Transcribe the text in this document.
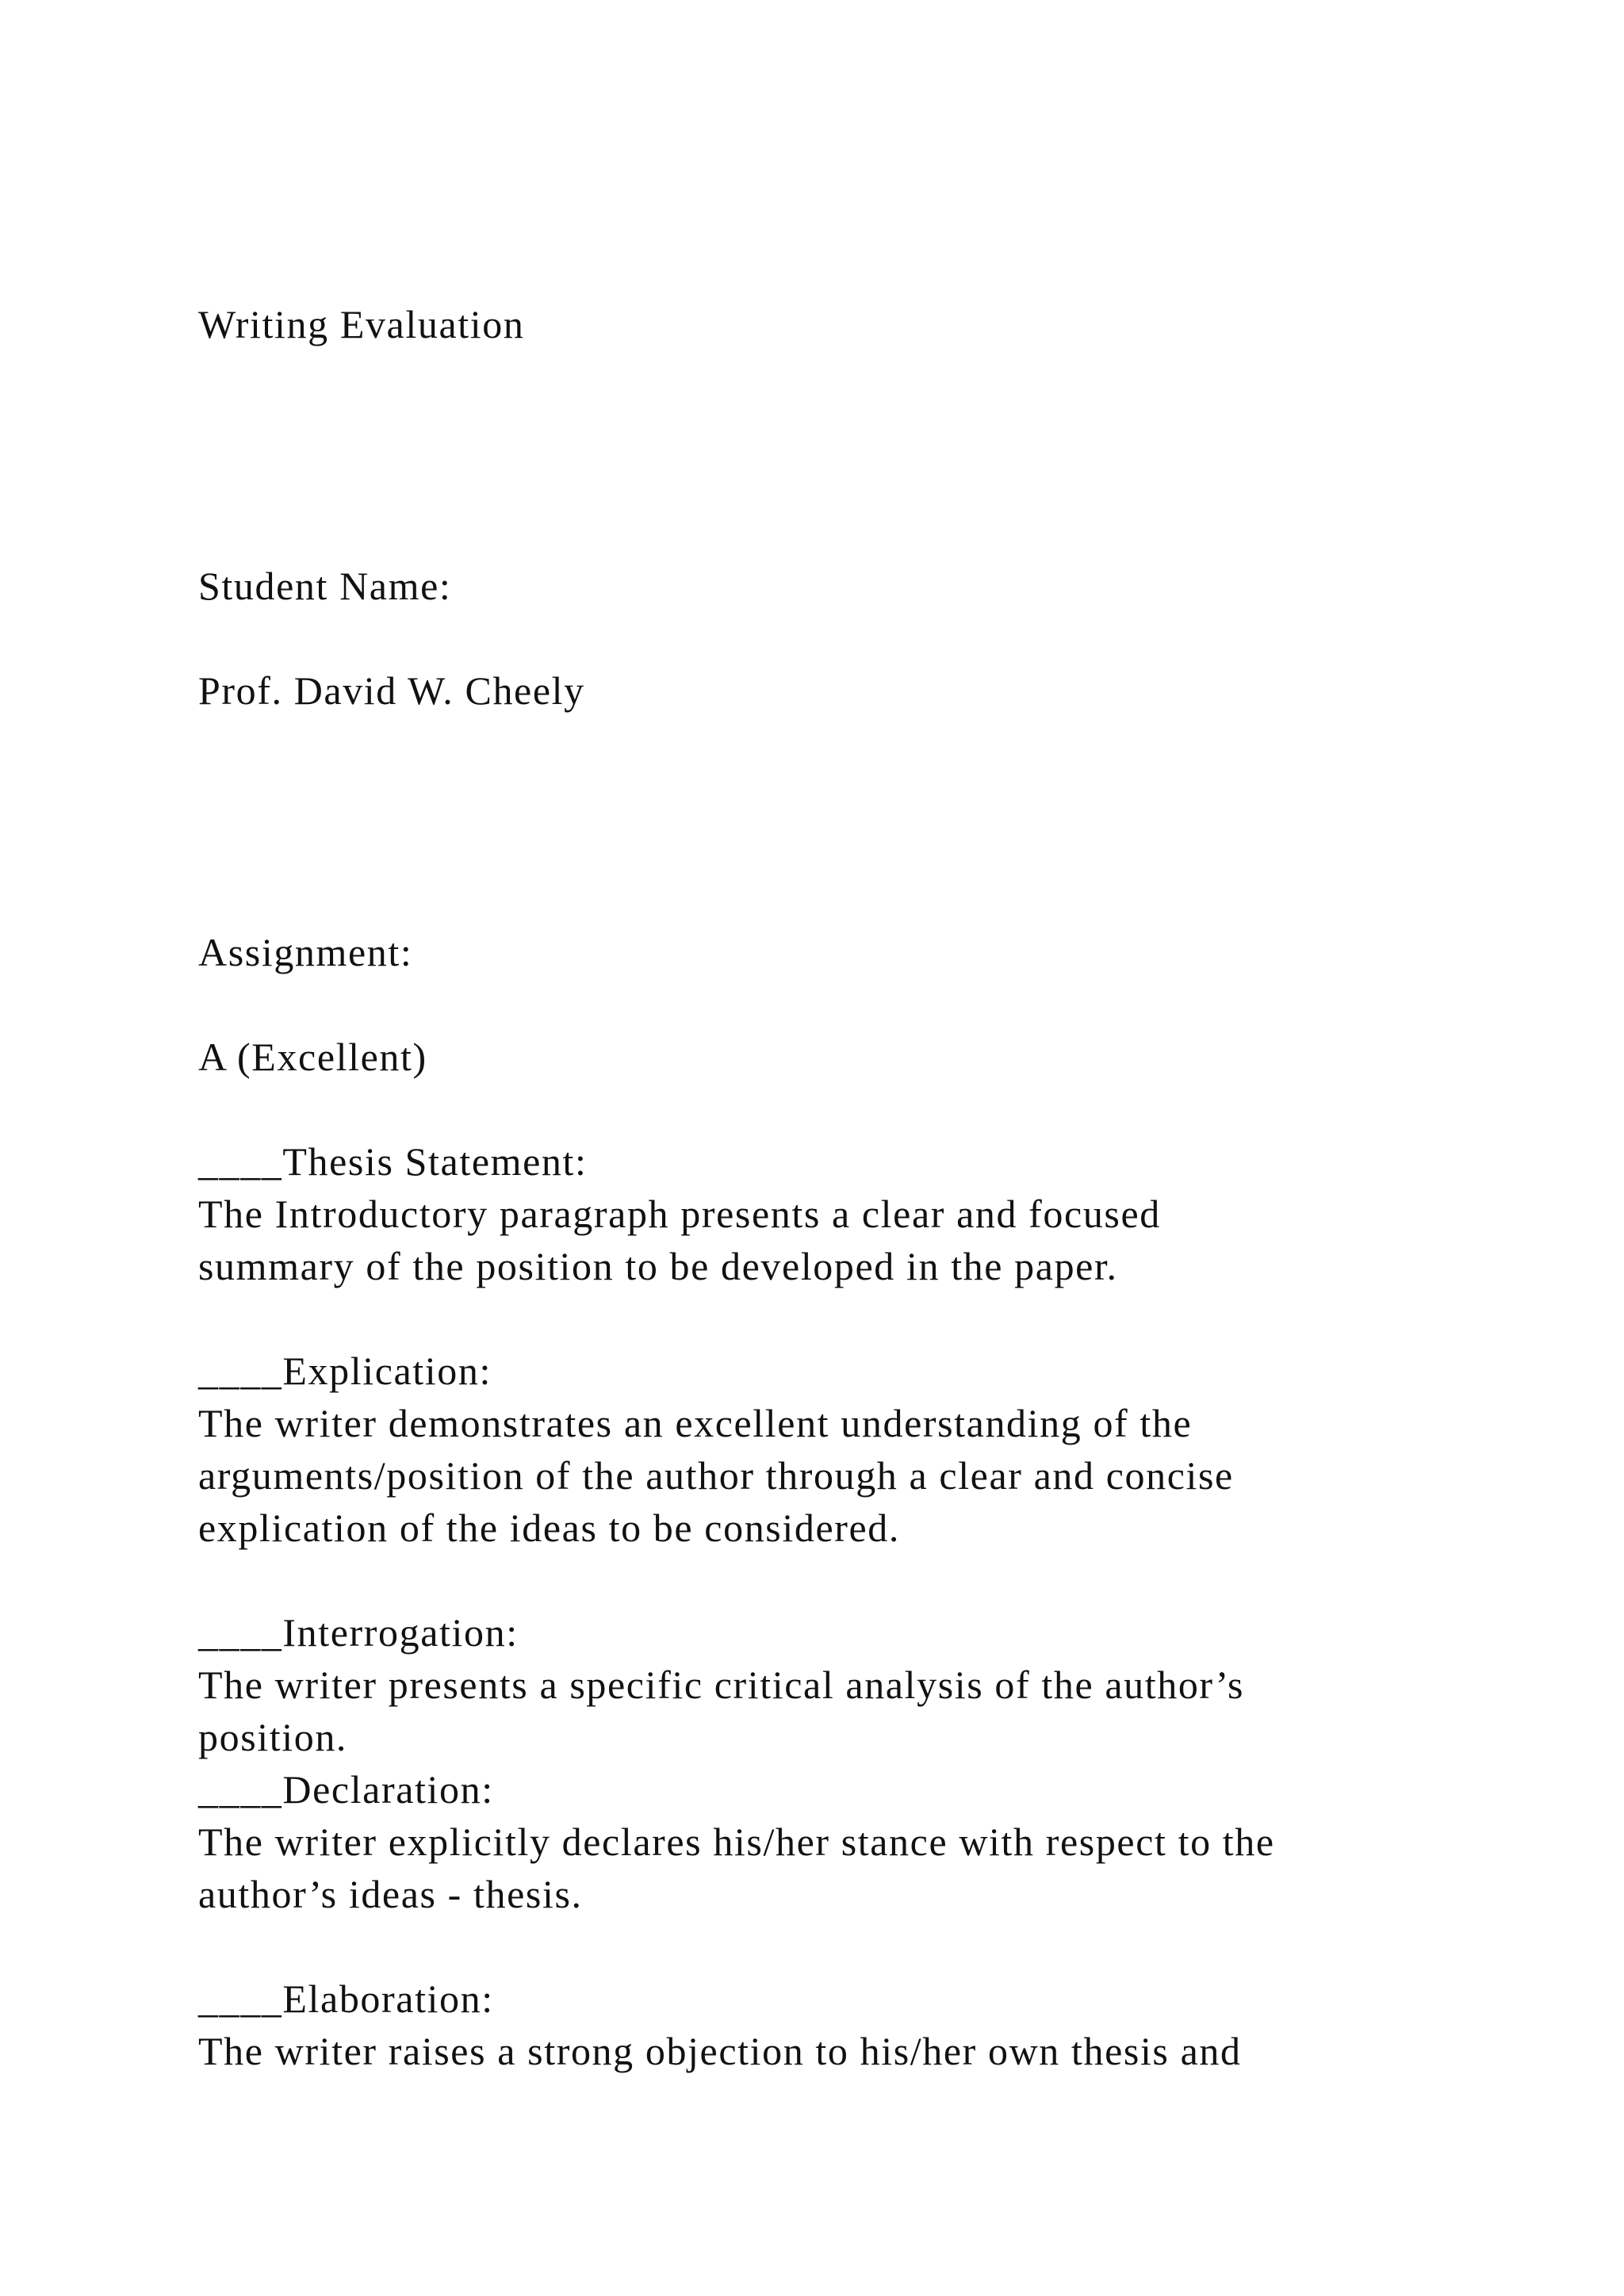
Writing Evaluation
Student Name:
Prof. David W. Cheely
Assignment:
A (Excellent)
____Thesis Statement:
The Introductory paragraph presents a clear and focused
summary of the position to be developed in the paper.
____Explication:
The writer demonstrates an excellent understanding of the
arguments/position of the author through a clear and concise
explication of the ideas to be considered.
____Interrogation:
The writer presents a specific critical analysis of the author’s
position.
____Declaration:
The writer explicitly declares his/her stance with respect to the
author’s ideas - thesis.
____Elaboration:
The writer raises a strong objection to his/her own thesis and
